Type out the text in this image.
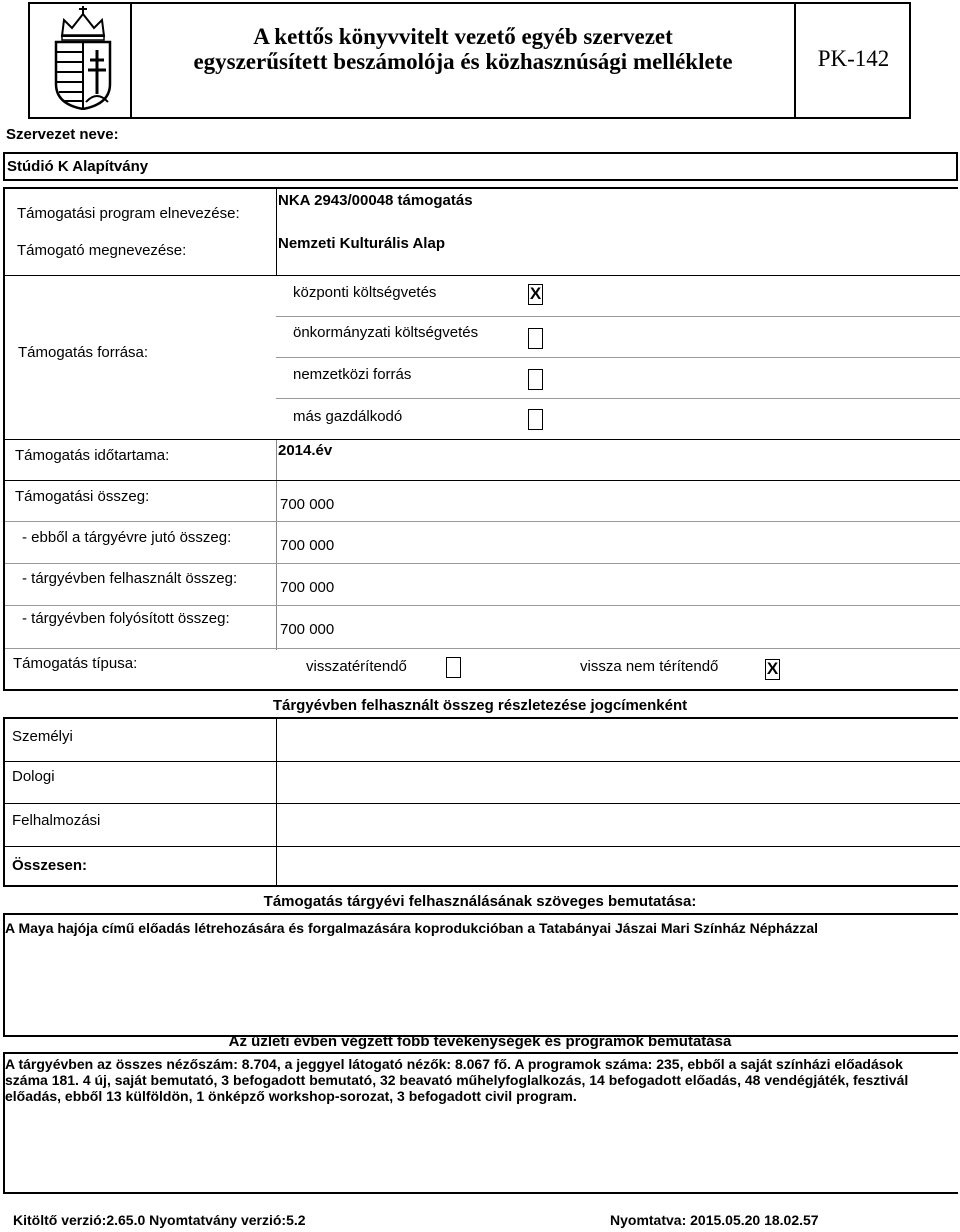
A kettős könyvvitelt vezető egyéb szervezet
egyszerűsített beszámolója és közhasznúsági melléklete	PK-142
Szervezet neve:
Stúdió K Alapítvány
Támogatási program elnevezése:
NKA 2943/00048 támogatás
Támogató megnevezése:	Nemzeti Kulturális Alap
Támogatás forrása:
központi költségvetés	X
önkormányzati költségvetés
nemzetközi forrás
más gazdálkodó
Támogatás időtartama:	2014.év
Támogatási összeg:	700 000
- ebből a tárgyévre jutó összeg:	700 000
- tárgyévben felhasznált összeg:
700 000
- tárgyévben folyósított összeg:
700 000
Támogatás típusa:	visszatérítendő	vissza nem térítendő	X
Tárgyévben felhasznált összeg részletezése jogcímenként
Személyi
Dologi
Felhalmozási
Összesen:
Támogatás tárgyévi felhasználásának szöveges bemutatása:
A Maya hajója című előadás létrehozására és forgalmazására koprodukcióban a Tatabányai Jászai Mari Színház Népházzal
Az üzleti évben végzett főbb tevékenységek és programok bemutatása
A tárgyévben az összes nézőszám: 8.704, a jeggyel látogató nézők: 8.067 fő. A programok száma: 235, ebből a saját színházi előadások száma 181. 4 új, saját bemutató, 3 befogadott bemutató, 32 beavató műhelyfoglalkozás, 14 befogadott előadás, 48 vendégjáték, fesztivál előadás, ebből 13 külföldön, 1 önképző workshop-sorozat, 3 befogadott civil program.
Kitöltő verzió:2.65.0 Nyomtatvány verzió:5.2	Nyomtatva: 2015.05.20 18.02.57
